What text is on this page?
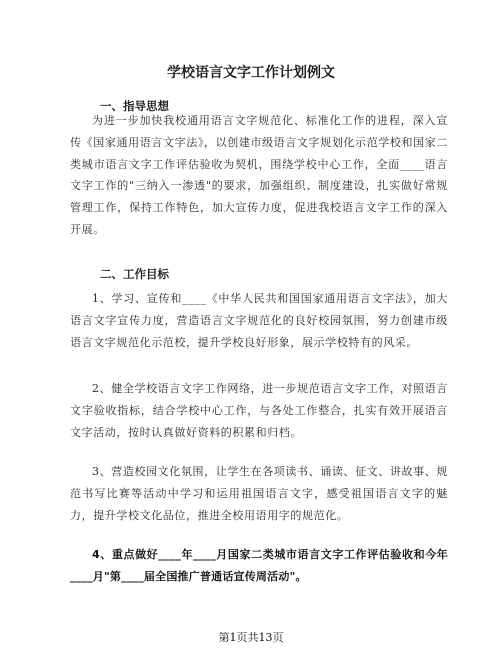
学校语言文字工作计划例文
一、指导思想
为进一步加快我校通用语言文字规范化、标准化工作的进程，深入宣传《国家通用语言文字法》，以创建市级语言文字规划化示范学校和国家二类城市语言文字工作评估验收为契机，围绕学校中心工作，全面____语言文字工作的"三纳入一渗透"的要求，加强组织、制度建设，扎实做好常规管理工作，保持工作特色，加大宣传力度，促进我校语言文字工作的深入开展。
二、工作目标
1、学习、宣传和____《中华人民共和国国家通用语言文字法》，加大语言文字宣传力度，营造语言文字规范化的良好校园氛围，努力创建市级语言文字规范化示范校，提升学校良好形象，展示学校特有的风采。
2、健全学校语言文字工作网络，进一步规范语言文字工作，对照语言文字验收指标，结合学校中心工作，与各处工作整合，扎实有效开展语言文字活动，按时认真做好资料的积累和归档。
3、营造校园文化氛围，让学生在各项读书、诵读、征文、讲故事、规范书写比赛等活动中学习和运用祖国语言文字，感受祖国语言文字的魅力，提升学校文化品位，推进全校用语用字的规范化。
4、重点做好____年____月国家二类城市语言文字工作评估验收和今年____月"第____届全国推广普通话宣传周活动"。
第1页共13页
